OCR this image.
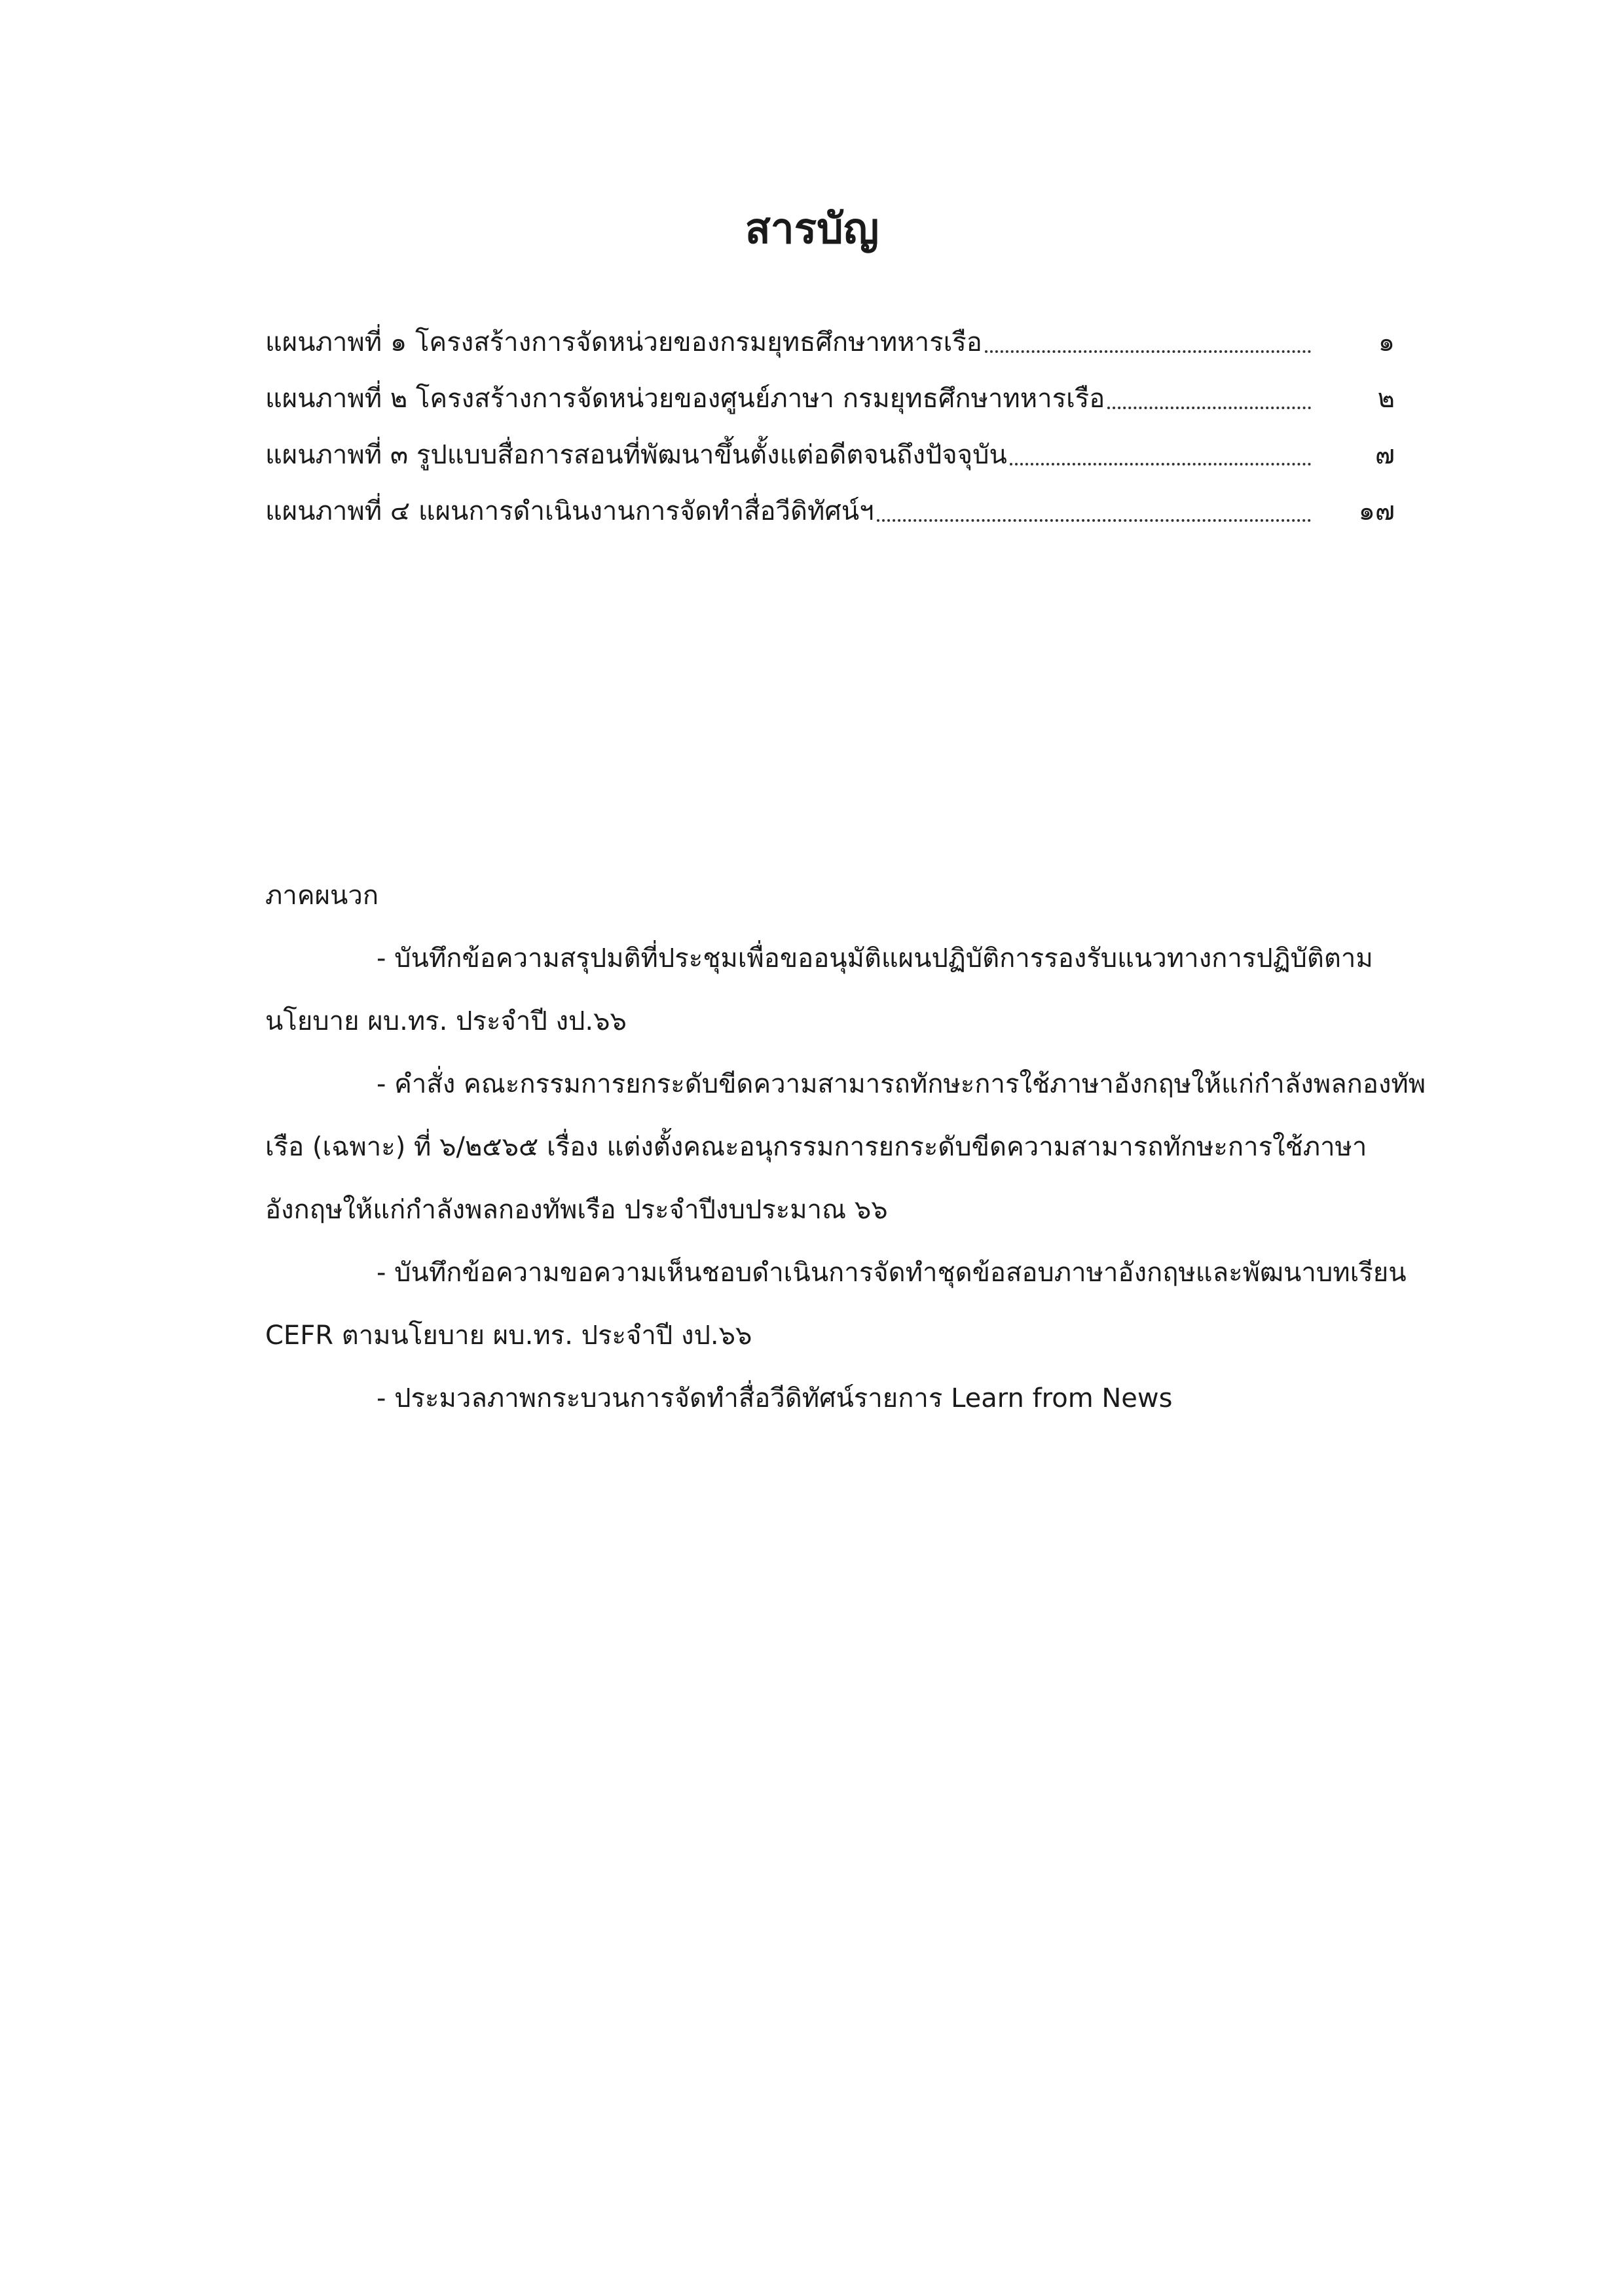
สารบัญ
แผนภาพที่ ๑ โครงสร้างการจัดหน่วยของกรมยุทธศึกษาทหารเรือ	๑
แผนภาพที่ ๒ โครงสร้างการจัดหน่วยของศูนย์ภาษา กรมยุทธศึกษาทหารเรือ	๒
แผนภาพที่ ๓ รูปแบบสื่อการสอนที่พัฒนาขึ้นตั้งแต่อดีตจนถึงปัจจุบัน	๗
แผนภาพที่ ๔ แผนการดำเนินงานการจัดทำสื่อวีดิทัศน์ฯ	๑๗

ภาคผนวก

- บันทึกข้อความสรุปมติที่ประชุมเพื่อขออนุมัติแผนปฏิบัติการรองรับแนวทางการปฏิบัติตามนโยบาย ผบ.ทร. ประจำปี งป.๖๖

- คำสั่ง คณะกรรมการยกระดับขีดความสามารถทักษะการใช้ภาษาอังกฤษให้แก่กำลังพลกองทัพเรือ (เฉพาะ) ที่ ๖/๒๕๖๕ เรื่อง แต่งตั้งคณะอนุกรรมการยกระดับขีดความสามารถทักษะการใช้ภาษาอังกฤษให้แก่กำลังพลกองทัพเรือ ประจำปีงบประมาณ ๖๖

- บันทึกข้อความขอความเห็นชอบดำเนินการจัดทำชุดข้อสอบภาษาอังกฤษและพัฒนาบทเรียน CEFR ตามนโยบาย ผบ.ทร. ประจำปี งป.๖๖

- ประมวลภาพกระบวนการจัดทำสื่อวีดิทัศน์รายการ Learn from News
